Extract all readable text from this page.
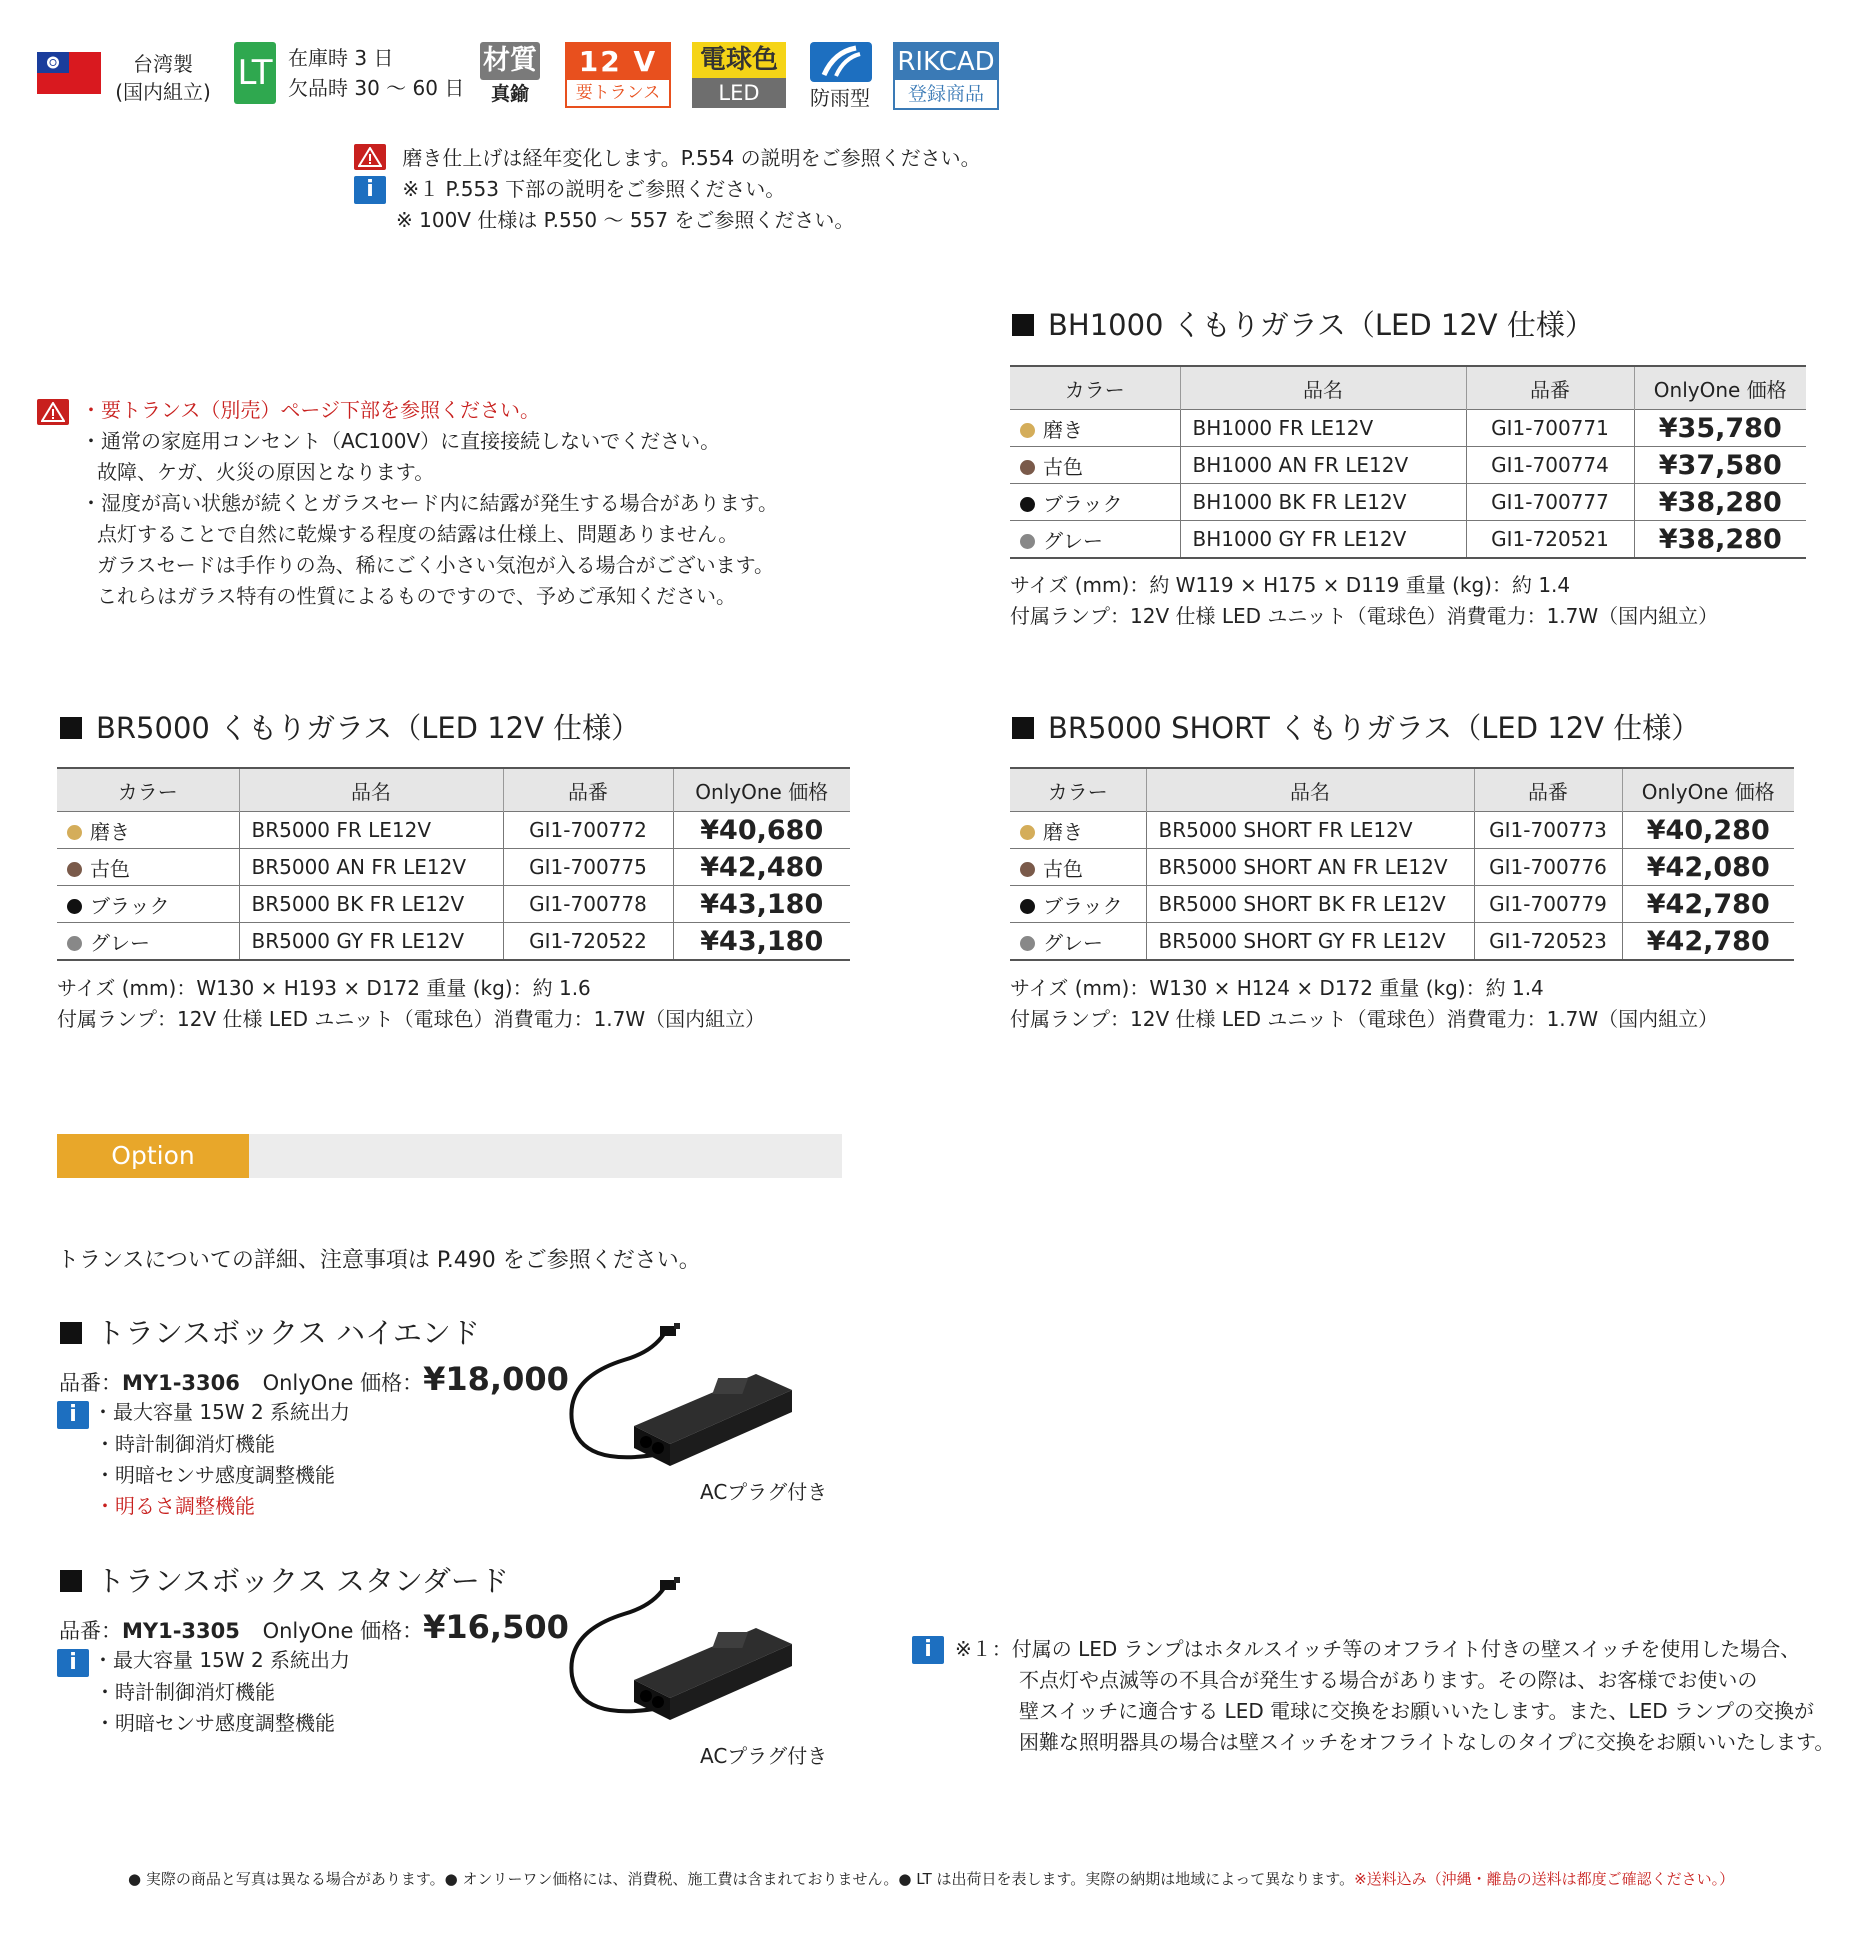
台湾製
(国内組立) LT 在庫時 3 日
欠品時 30 ～ 60 日
材質
真鍮
12 V
要トランス
電球色
LED	防雨型
RIKCAD
登録商品
磨き仕上げは経年変化します。P.554 の説明をご参照ください。
i ※１ P.553 下部の説明をご参照ください。
※ 100V 仕様は P.550 ～ 557 をご参照ください。
・要トランス（別売）ページ下部を参照ください。
・通常の家庭用コンセント（AC100V）に直接接続しないでください。
故障、ケガ、火災の原因となります。
・湿度が高い状態が続くとガラスセード内に結露が発生する場合があります。
点灯することで自然に乾燥する程度の結露は仕様上、問題ありません。
ガラスセードは手作りの為、稀にごく小さい気泡が入る場合がございます。
これらはガラス特有の性質によるものですので、予めご承知ください。
BH1000 くもりガラス（LED 12V 仕様）
カラー	品名	品番	OnlyOne 価格
磨き	BH1000 FR LE12V	GI1-700771	¥35,780
古色	BH1000 AN FR LE12V	GI1-700774	¥37,580
ブラック	BH1000 BK FR LE12V	GI1-700777	¥38,280
グレー	BH1000 GY FR LE12V	GI1-720521	¥38,280
サイズ (mm)：約 W119 × H175 × D119 重量 (kg)：約 1.4
付属ランプ：12V 仕様 LED ユニット（電球色）消費電力：1.7W（国内組立）
BR5000 くもりガラス（LED 12V 仕様）
カラー	品名	品番	OnlyOne 価格
磨き	BR5000 FR LE12V	GI1-700772	¥40,680
古色	BR5000 AN FR LE12V	GI1-700775	¥42,480
ブラック	BR5000 BK FR LE12V	GI1-700778	¥43,180
グレー	BR5000 GY FR LE12V	GI1-720522	¥43,180
サイズ (mm)：W130 × H193 × D172 重量 (kg)：約 1.6
付属ランプ：12V 仕様 LED ユニット（電球色）消費電力：1.7W（国内組立）
BR5000 SHORT くもりガラス（LED 12V 仕様）
カラー	品名	品番	OnlyOne 価格
磨き	BR5000 SHORT FR LE12V	GI1-700773	¥40,280
古色	BR5000 SHORT AN FR LE12V	GI1-700776	¥42,080
ブラック	BR5000 SHORT BK FR LE12V	GI1-700779	¥42,780
グレー	BR5000 SHORT GY FR LE12V	GI1-720523	¥42,780
サイズ (mm)：W130 × H124 × D172 重量 (kg)：約 1.4
付属ランプ：12V 仕様 LED ユニット（電球色）消費電力：1.7W（国内組立）
Option
トランスについての詳細、注意事項は P.490 をご参照ください。
トランスボックス ハイエンド
品番：MY1-3306 OnlyOne 価格：¥18,000
i ・最大容量 15W 2 系統出力
・時計制御消灯機能
・明暗センサ感度調整機能
・明るさ調整機能
ACプラグ付き
トランスボックス スタンダード
品番：MY1-3305 OnlyOne 価格：¥16,500
i ・最大容量 15W 2 系統出力
・時計制御消灯機能
・明暗センサ感度調整機能
ACプラグ付き
i	※１：付属の LED ランプはホタルスイッチ等のオフライト付きの壁スイッチを使用した場合、
不点灯や点滅等の不具合が発生する場合があります。その際は、お客様でお使いの
壁スイッチに適合する LED 電球に交換をお願いいたします。また、LED ランプの交換が
困難な照明器具の場合は壁スイッチをオフライトなしのタイプに交換をお願いいたします。
● 実際の商品と写真は異なる場合があります。● オンリーワン価格には、消費税、施工費は含まれておりません。● LT は出荷日を表します。実際の納期は地域によって異なります。※送料込み（沖縄・離島の送料は都度ご確認ください。）
